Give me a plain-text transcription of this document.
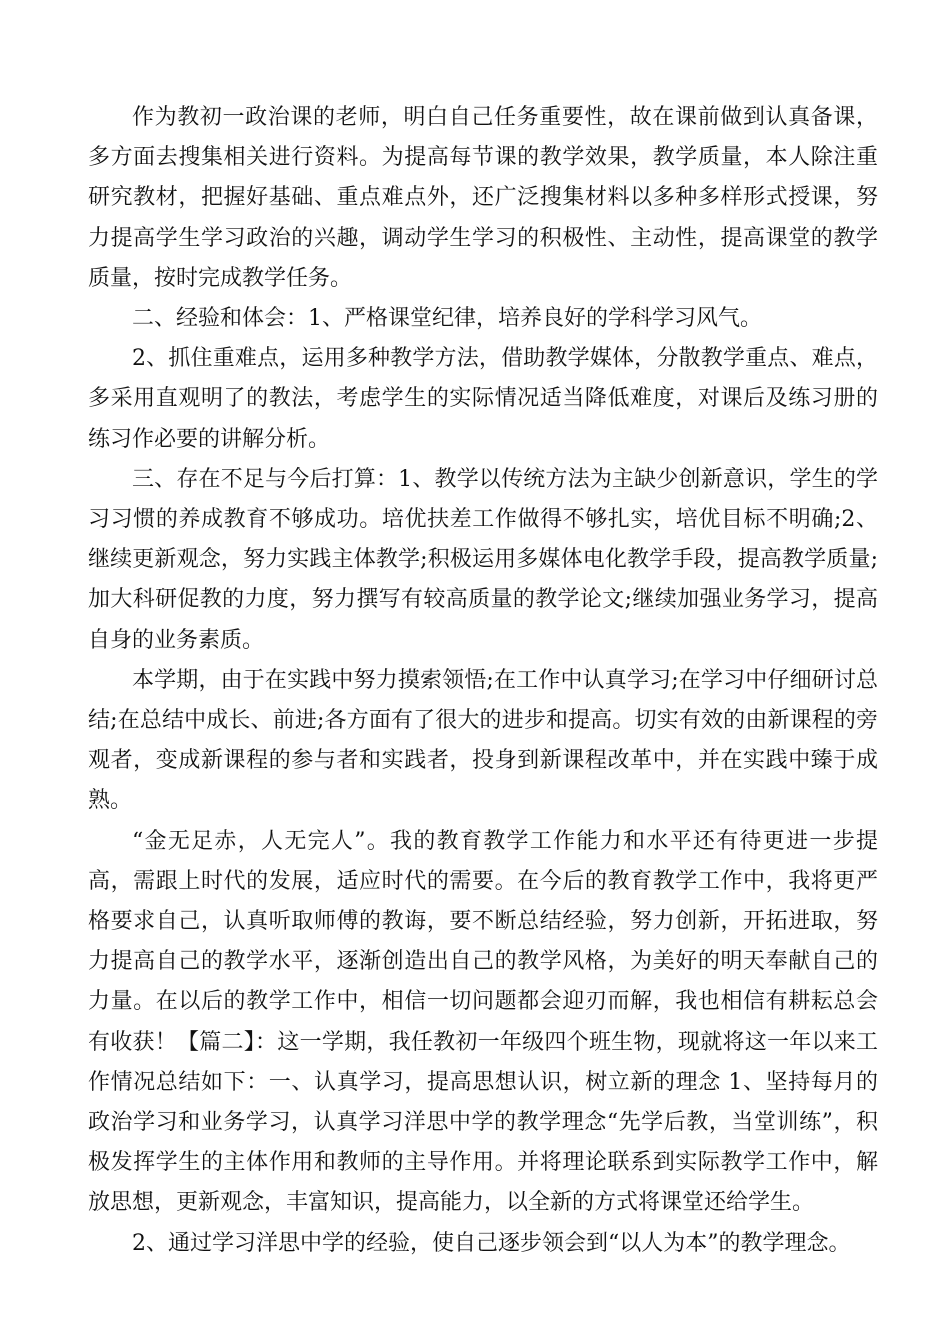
作为教初一政治课的老师，明白自己任务重要性，故在课前做到认真备课，多方面去搜集相关进行资料。为提高每节课的教学效果，教学质量，本人除注重研究教材，把握好基础、重点难点外，还广泛搜集材料以多种多样形式授课，努力提高学生学习政治的兴趣，调动学生学习的积极性、主动性，提高课堂的教学质量，按时完成教学任务。

二、经验和体会：1、严格课堂纪律，培养良好的学科学习风气。

2、抓住重难点，运用多种教学方法，借助教学媒体，分散教学重点、难点，多采用直观明了的教法，考虑学生的实际情况适当降低难度，对课后及练习册的练习作必要的讲解分析。

三、存在不足与今后打算：1、教学以传统方法为主缺少创新意识，学生的学习习惯的养成教育不够成功。培优扶差工作做得不够扎实，培优目标不明确;2、继续更新观念，努力实践主体教学;积极运用多媒体电化教学手段，提高教学质量;加大科研促教的力度，努力撰写有较高质量的教学论文;继续加强业务学习，提高自身的业务素质。

本学期，由于在实践中努力摸索领悟;在工作中认真学习;在学习中仔细研讨总结;在总结中成长、前进;各方面有了很大的进步和提高。切实有效的由新课程的旁观者，变成新课程的参与者和实践者，投身到新课程改革中，并在实践中臻于成熟。

“金无足赤，人无完人”。我的教育教学工作能力和水平还有待更进一步提高，需跟上时代的发展，适应时代的需要。在今后的教育教学工作中，我将更严格要求自己，认真听取师傅的教诲，要不断总结经验，努力创新，开拓进取，努力提高自己的教学水平，逐渐创造出自己的教学风格，为美好的明天奉献自己的力量。在以后的教学工作中，相信一切问题都会迎刃而解，我也相信有耕耘总会有收获！【篇二】：这一学期，我任教初一年级四个班生物，现就将这一年以来工作情况总结如下：一、认真学习，提高思想认识，树立新的理念 1、坚持每月的政治学习和业务学习，认真学习洋思中学的教学理念“先学后教，当堂训练”，积极发挥学生的主体作用和教师的主导作用。并将理论联系到实际教学工作中，解放思想，更新观念，丰富知识，提高能力，以全新的方式将课堂还给学生。

2、通过学习洋思中学的经验，使自己逐步领会到“以人为本”的教学理念。
